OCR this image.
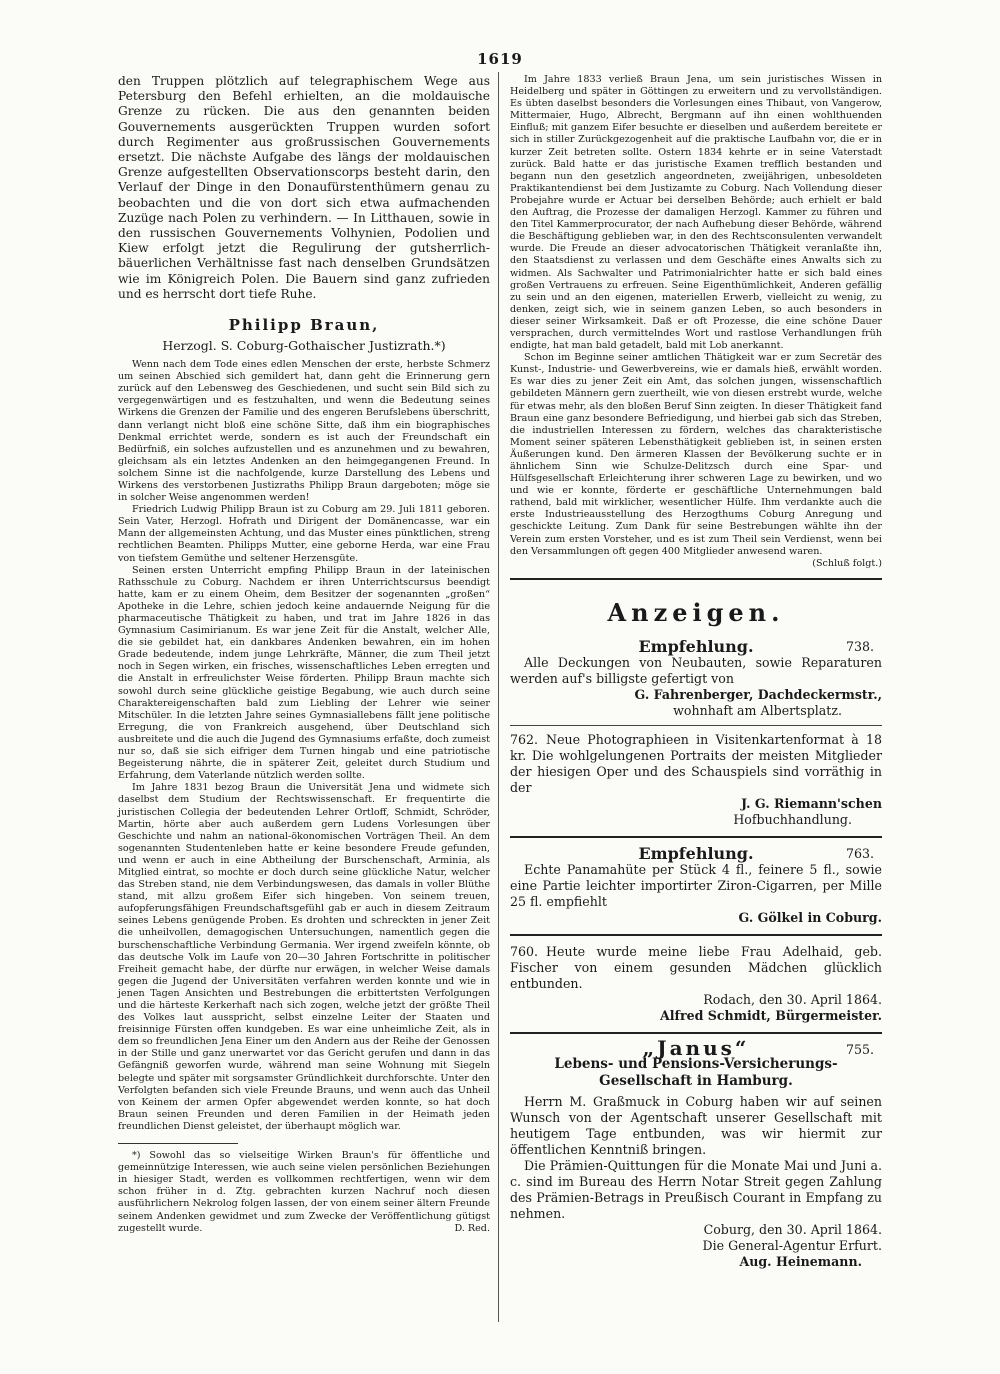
1619

den Truppen plötzlich auf telegraphischem Wege aus Petersburg den Befehl erhielten, an die moldauische Grenze zu rücken. Die aus den genannten beiden Gouvernements ausgerückten Truppen wurden sofort durch Regimenter aus großrussischen Gouvernements ersetzt. Die nächste Aufgabe des längs der moldauischen Grenze aufgestellten Observationscorps besteht darin, den Verlauf der Dinge in den Donaufürstenthümern genau zu beobachten und die von dort sich etwa aufmachenden Zuzüge nach Polen zu verhindern. — In Litthauen, sowie in den russischen Gouvernements Volhynien, Podolien und Kiew erfolgt jetzt die Regulirung der gutsherrlich-bäuerlichen Verhältnisse fast nach denselben Grundsätzen wie im Königreich Polen. Die Bauern sind ganz zufrieden und es herrscht dort tiefe Ruhe.

Philipp Braun,
Herzogl. S. Coburg-Gothaischer Justizrath.*)

Wenn nach dem Tode eines edlen Menschen der erste, herbste Schmerz um seinen Abschied sich gemildert hat, dann geht die Erinnerung gern zurück auf den Lebensweg des Geschiedenen, und sucht sein Bild sich zu vergegenwärtigen und es festzuhalten, und wenn die Bedeutung seines Wirkens die Grenzen der Familie und des engeren Berufslebens überschritt, dann verlangt nicht bloß eine schöne Sitte, daß ihm ein biographisches Denkmal errichtet werde, sondern es ist auch der Freundschaft ein Bedürfniß, ein solches aufzustellen und es anzunehmen und zu bewahren, gleichsam als ein letztes Andenken an den heimgegangenen Freund. In solchem Sinne ist die nachfolgende, kurze Darstellung des Lebens und Wirkens des verstorbenen Justizraths Philipp Braun dargeboten; möge sie in solcher Weise angenommen werden!

Friedrich Ludwig Philipp Braun ist zu Coburg am 29. Juli 1811 geboren. Sein Vater, Herzogl. Hofrath und Dirigent der Domänencasse, war ein Mann der allgemeinsten Achtung, und das Muster eines pünktlichen, streng rechtlichen Beamten. Philipps Mutter, eine geborne Herda, war eine Frau von tiefstem Gemüthe und seltener Herzensgüte.

Seinen ersten Unterricht empfing Philipp Braun in der lateinischen Rathsschule zu Coburg. Nachdem er ihren Unterrichtscursus beendigt hatte, kam er zu einem Oheim, dem Besitzer der sogenannten „großen“ Apotheke in die Lehre, schien jedoch keine andauernde Neigung für die pharmaceutische Thätigkeit zu haben, und trat im Jahre 1826 in das Gymnasium Casimirianum. Es war jene Zeit für die Anstalt, welcher Alle, die sie gebildet hat, ein dankbares Andenken bewahren, ein im hohen Grade bedeutende, indem junge Lehrkräfte, Männer, die zum Theil jetzt noch in Segen wirken, ein frisches, wissenschaftliches Leben erregten und die Anstalt in erfreulichster Weise förderten. Philipp Braun machte sich sowohl durch seine glückliche geistige Begabung, wie auch durch seine Charaktereigenschaften bald zum Liebling der Lehrer wie seiner Mitschüler. In die letzten Jahre seines Gymnasiallebens fällt jene politische Erregung, die von Frankreich ausgehend, über Deutschland sich ausbreitete und die auch die Jugend des Gymnasiums erfaßte, doch zumeist nur so, daß sie sich eifriger dem Turnen hingab und eine patriotische Begeisterung nährte, die in späterer Zeit, geleitet durch Studium und Erfahrung, dem Vaterlande nützlich werden sollte.

Im Jahre 1831 bezog Braun die Universität Jena und widmete sich daselbst dem Studium der Rechtswissenschaft. Er frequentirte die juristischen Collegia der bedeutenden Lehrer Ortloff, Schmidt, Schröder, Martin, hörte aber auch außerdem gern Ludens Vorlesungen über Geschichte und nahm an national-ökonomischen Vorträgen Theil. An dem sogenannten Studentenleben hatte er keine besondere Freude gefunden, und wenn er auch in eine Abtheilung der Burschenschaft, Arminia, als Mitglied eintrat, so mochte er doch durch seine glückliche Natur, welcher das Streben stand, nie dem Verbindungswesen, das damals in voller Blüthe stand, mit allzu großem Eifer sich hingeben. Von seinem treuen, aufopferungsfähigen Freundschaftsgefühl gab er auch in diesem Zeitraum seines Lebens genügende Proben. Es drohten und schreckten in jener Zeit die unheilvollen, demagogischen Untersuchungen, namentlich gegen die burschenschaftliche Verbindung Germania. Wer irgend zweifeln könnte, ob das deutsche Volk im Laufe von 20—30 Jahren Fortschritte in politischer Freiheit gemacht habe, der dürfte nur erwägen, in welcher Weise damals gegen die Jugend der Universitäten verfahren werden konnte und wie in jenen Tagen Ansichten und Bestrebungen die erbittertsten Verfolgungen und die härteste Kerkerhaft nach sich zogen, welche jetzt der größte Theil des Volkes laut ausspricht, selbst einzelne Leiter der Staaten und freisinnige Fürsten offen kundgeben. Es war eine unheimliche Zeit, als in dem so freundlichen Jena Einer um den Andern aus der Reihe der Genossen in der Stille und ganz unerwartet vor das Gericht gerufen und dann in das Gefängniß geworfen wurde, während man seine Wohnung mit Siegeln belegte und später mit sorgsamster Gründlichkeit durchforschte. Unter den Verfolgten befanden sich viele Freunde Brauns, und wenn auch das Unheil von Keinem der armen Opfer abgewendet werden konnte, so hat doch Braun seinen Freunden und deren Familien in der Heimath jeden freundlichen Dienst geleistet, der überhaupt möglich war.

*) Sowohl das so vielseitige Wirken Braun's für öffentliche und gemeinnützige Interessen, wie auch seine vielen persönlichen Beziehungen in hiesiger Stadt, werden es vollkommen rechtfertigen, wenn wir dem schon früher in d. Ztg. gebrachten kurzen Nachruf noch diesen ausführlichern Nekrolog folgen lassen, der von einem seiner ältern Freunde seinem Andenken gewidmet und zum Zwecke der Veröffentlichung gütigst zugestellt wurde.	D. Red.

Im Jahre 1833 verließ Braun Jena, um sein juristisches Wissen in Heidelberg und später in Göttingen zu erweitern und zu vervollständigen. Es übten daselbst besonders die Vorlesungen eines Thibaut, von Vangerow, Mittermaier, Hugo, Albrecht, Bergmann auf ihn einen wohlthuenden Einfluß; mit ganzem Eifer besuchte er dieselben und außerdem bereitete er sich in stiller Zurückgezogenheit auf die praktische Laufbahn vor, die er in kurzer Zeit betreten sollte. Ostern 1834 kehrte er in seine Vaterstadt zurück. Bald hatte er das juristische Examen trefflich bestanden und begann nun den gesetzlich angeordneten, zweijährigen, unbesoldeten Praktikantendienst bei dem Justizamte zu Coburg. Nach Vollendung dieser Probejahre wurde er Actuar bei derselben Behörde; auch erhielt er bald den Auftrag, die Prozesse der damaligen Herzogl. Kammer zu führen und den Titel Kammerprocurator, der nach Aufhebung dieser Behörde, während die Beschäftigung geblieben war, in den des Rechtsconsulenten verwandelt wurde. Die Freude an dieser advocatorischen Thätigkeit veranlaßte ihn, den Staatsdienst zu verlassen und dem Geschäfte eines Anwalts sich zu widmen. Als Sachwalter und Patrimonialrichter hatte er sich bald eines großen Vertrauens zu erfreuen. Seine Eigenthümlichkeit, Anderen gefällig zu sein und an den eigenen, materiellen Erwerb, vielleicht zu wenig, zu denken, zeigt sich, wie in seinem ganzen Leben, so auch besonders in dieser seiner Wirksamkeit. Daß er oft Prozesse, die eine schöne Dauer versprachen, durch vermittelndes Wort und rastlose Verhandlungen früh endigte, hat man bald getadelt, bald mit Lob anerkannt.

Schon im Beginne seiner amtlichen Thätigkeit war er zum Secretär des Kunst-, Industrie- und Gewerbvereins, wie er damals hieß, erwählt worden. Es war dies zu jener Zeit ein Amt, das solchen jungen, wissenschaftlich gebildeten Männern gern zuertheilt, wie von diesen erstrebt wurde, welche für etwas mehr, als den bloßen Beruf Sinn zeigten. In dieser Thätigkeit fand Braun eine ganz besondere Befriedigung, und hierbei gab sich das Streben, die industriellen Interessen zu fördern, welches das charakteristische Moment seiner späteren Lebensthätigkeit geblieben ist, in seinen ersten Äußerungen kund. Den ärmeren Klassen der Bevölkerung suchte er in ähnlichem Sinn wie Schulze-Delitzsch durch eine Spar- und Hülfsgesellschaft Erleichterung ihrer schweren Lage zu bewirken, und wo und wie er konnte, förderte er geschäftliche Unternehmungen bald rathend, bald mit wirklicher, wesentlicher Hülfe. Ihm verdankte auch die erste Industrieausstellung des Herzogthums Coburg Anregung und geschickte Leitung. Zum Dank für seine Bestrebungen wählte ihn der Verein zum ersten Vorsteher, und es ist zum Theil sein Verdienst, wenn bei den Versammlungen oft gegen 400 Mitglieder anwesend waren.

(Schluß folgt.)
Anzeigen.
738.
Empfehlung.

Alle Deckungen von Neubauten, sowie Reparaturen werden auf's billigste gefertigt von

G. Fahrenberger, Dachdeckermstr.,
wohnhaft am Albertsplatz.

762. Neue Photographieen in Visitenkartenformat à 18 kr. Die wohlgelungenen Portraits der meisten Mitglieder der hiesigen Oper und des Schauspiels sind vorräthig in der

J. G. Riemann'schen
Hofbuchhandlung.
763.
Empfehlung.

Echte Panamahüte per Stück 4 fl., feinere 5 fl., sowie eine Partie leichter importirter Ziron-Cigarren, per Mille 25 fl. empfiehlt

G. Gölkel in Coburg.

760. Heute wurde meine liebe Frau Adelhaid, geb. Fischer von einem gesunden Mädchen glücklich entbunden.

Rodach, den 30. April 1864.
Alfred Schmidt, Bürgermeister.
755.
„Janus“
Lebens- und Pensions-Versicherungs-Gesellschaft in Hamburg.

Herrn M. Graßmuck in Coburg haben wir auf seinen Wunsch von der Agentschaft unserer Gesellschaft mit heutigem Tage entbunden, was wir hiermit zur öffentlichen Kenntniß bringen.

Die Prämien-Quittungen für die Monate Mai und Juni a. c. sind im Bureau des Herrn Notar Streit gegen Zahlung des Prämien-Betrags in Preußisch Courant in Empfang zu nehmen.

Coburg, den 30. April 1864.
Die General-Agentur Erfurt.
Aug. Heinemann.
